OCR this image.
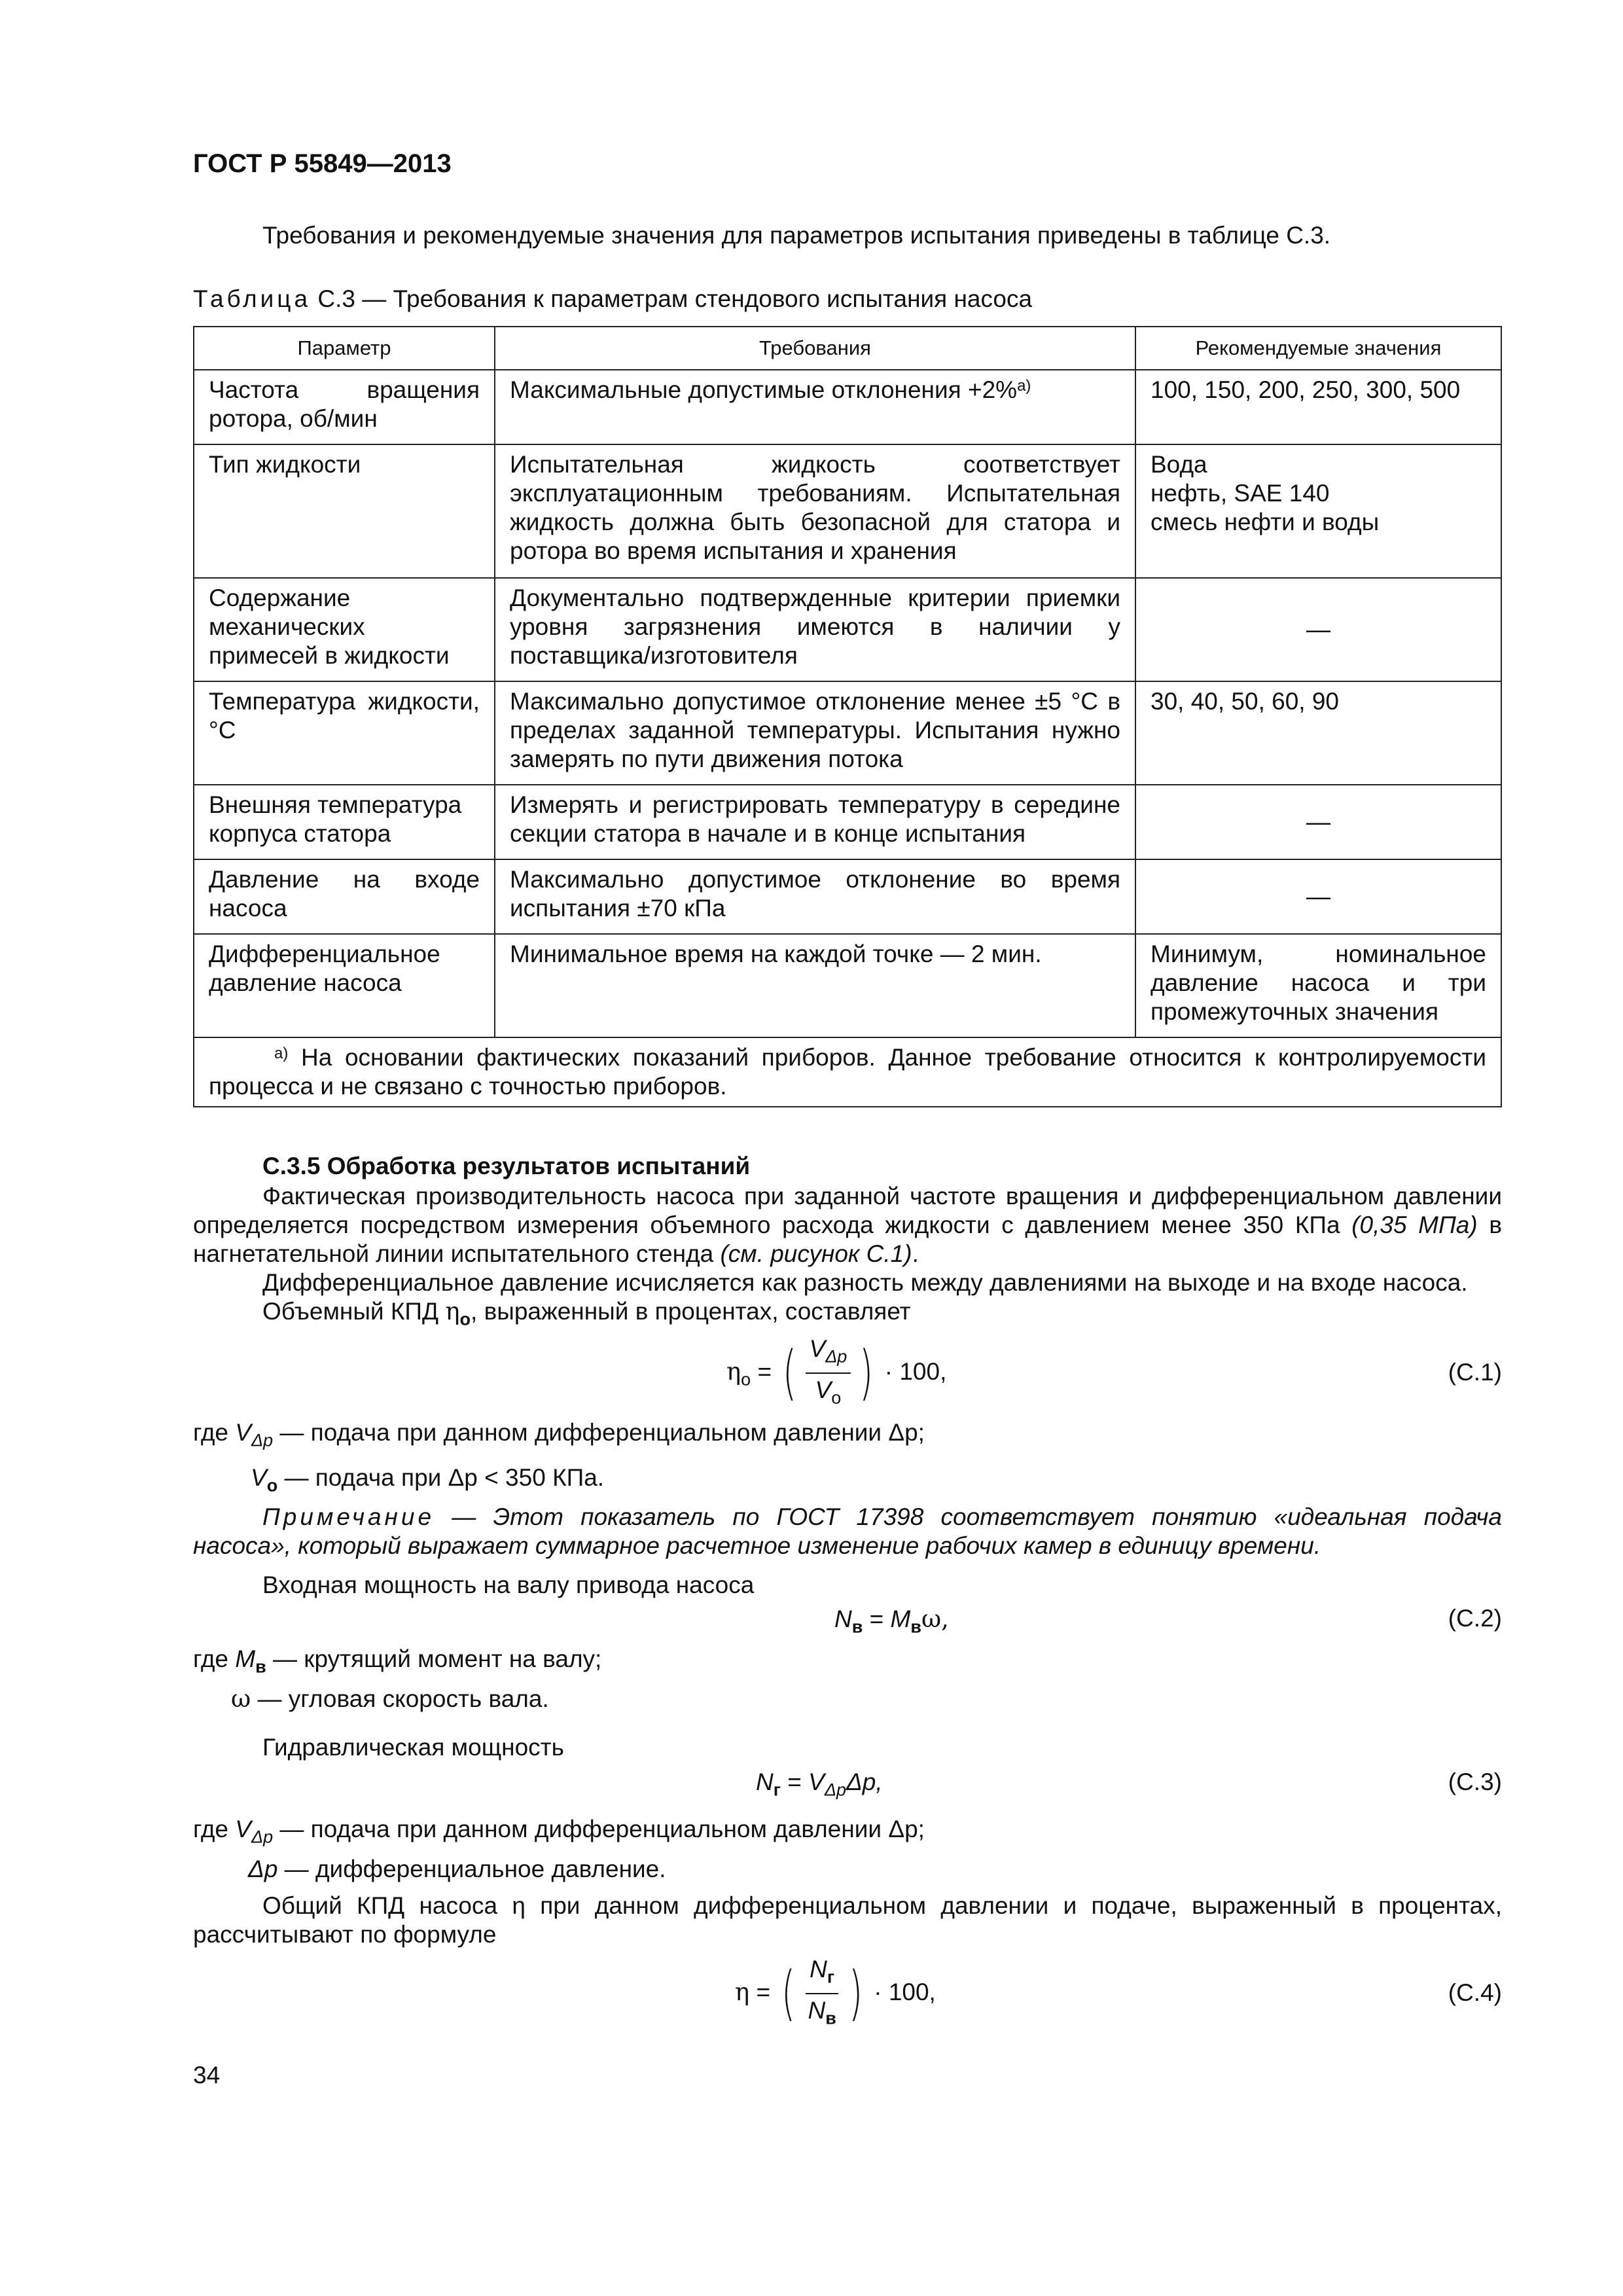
ГОСТ Р 55849—2013
Требования и рекомендуемые значения для параметров испытания приведены в таблице С.3.
Таблица С.3 — Требования к параметрам стендового испытания насоса
Параметр	Требования	Рекомендуемые значения
Частота вращения ротора, об/мин	Максимальные допустимые отклонения +2%$^{а)}$	100, 150, 200, 250, 300, 500
Тип жидкости	Испытательная жидкость соответствует эксплуатационным требованиям. Испытательная жидкость должна быть безопасной для статора и ротора во время испытания и хранения	Вода
нефть, SAE 140
смесь нефти и воды
Содержание механических примесей в жидкости	Документально подтвержденные критерии приемки уровня загрязнения имеются в наличии у поставщика/изготовителя	—
Температура жидкости, °С	Максимально допустимое отклонение менее ±5 °С в пределах заданной температуры. Испытания нужно замерять по пути движения потока	30, 40, 50, 60, 90
Внешняя температура корпуса статора	Измерять и регистрировать температуру в середине секции статора в начале и в конце испытания	—
Давление на входе насоса	Максимально допустимое отклонение во время испытания ±70 кПа	—
Дифференциальное давление насоса	Минимальное время на каждой точке — 2 мин.	Минимум, номинальное давление насоса и три промежуточных значения
$^{а)}$ На основании фактических показаний приборов. Данное требование относится к контролируемости процесса и не связано с точностью приборов.		
С.3.5 Обработка результатов испытаний
Фактическая производительность насоса при заданной частоте вращения и дифференциальном давлении определяется посредством измерения объемного расхода жидкости с давлением менее 350 КПа (0,35 МПа) в нагнетательной линии испытательного стенда (см. рисунок С.1).
Дифференциальное давление исчисляется как разность между давлениями на выходе и на входе насоса.
Объемный КПД $\eta_о$, выраженный в процентах, составляет
$\eta_о$ = ( $\frac{V_{\Delta p}}{V_о}$ ) · 100,	(С.1)
где $V_{\Delta p}$ — подача при данном дифференциальном давлении Δp;
$V_о$ — подача при Δp < 350 КПа.
Примечание — Этот показатель по ГОСТ 17398 соответствует понятию «идеальная подача насоса», который выражает суммарное расчетное изменение рабочих камер в единицу времени.
Входная мощность на валу привода насоса
$N_в = M_в\omega$,	(С.2)
где $M_в$ — крутящий момент на валу;
ω — угловая скорость вала.
Гидравлическая мощность
$N_г = V_{\Delta p}\Delta p$,	(С.3)
где $V_{\Delta p}$ — подача при данном дифференциальном давлении Δp;
Δp — дифференциальное давление.
Общий КПД насоса η при данном дифференциальном давлении и подаче, выраженный в процентах, рассчитывают по формуле
η = ( $\frac{N_г}{N_в}$ ) · 100,	(С.4)
34
